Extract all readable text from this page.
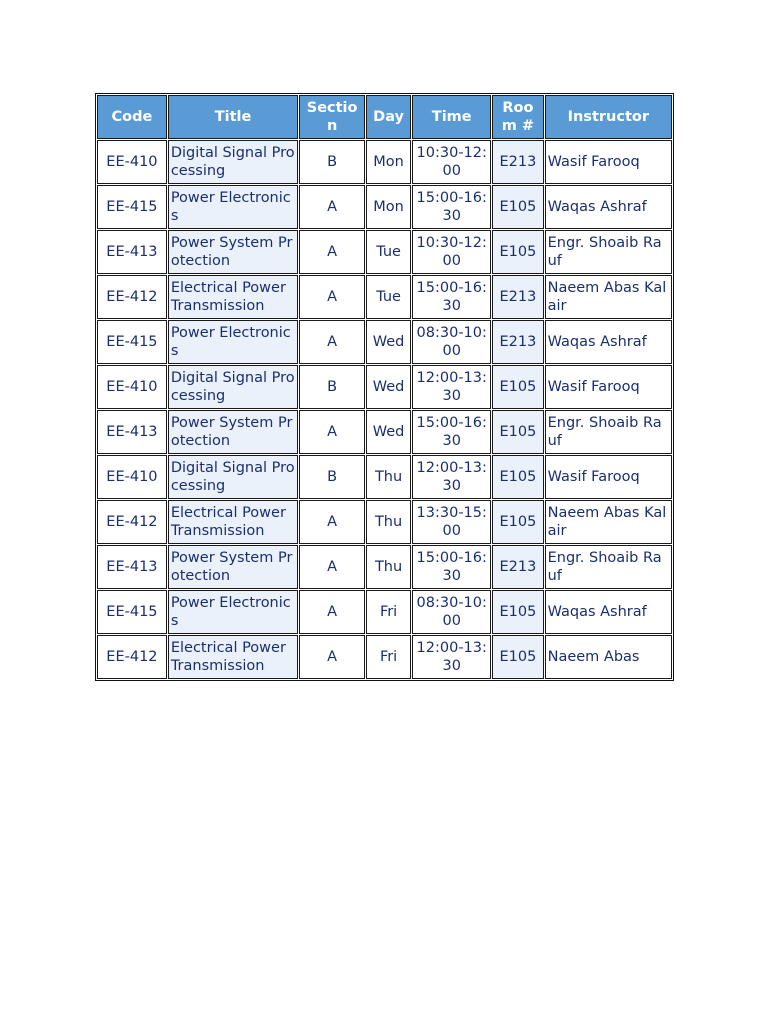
Code	Title	Section	Day	Time	Room #	Instructor
EE-410	Digital Signal Processing	B	Mon	10:30-12:00	E213	Wasif Farooq
EE-415	Power Electronics	A	Mon	15:00-16:30	E105	Waqas Ashraf
EE-413	Power System Protection	A	Tue	10:30-12:00	E105	Engr. Shoaib Rauf
EE-412	Electrical Power Transmission	A	Tue	15:00-16:30	E213	Naeem Abas Kalair
EE-415	Power Electronics	A	Wed	08:30-10:00	E213	Waqas Ashraf
EE-410	Digital Signal Processing	B	Wed	12:00-13:30	E105	Wasif Farooq
EE-413	Power System Protection	A	Wed	15:00-16:30	E105	Engr. Shoaib Rauf
EE-410	Digital Signal Processing	B	Thu	12:00-13:30	E105	Wasif Farooq
EE-412	Electrical Power Transmission	A	Thu	13:30-15:00	E105	Naeem Abas Kalair
EE-413	Power System Protection	A	Thu	15:00-16:30	E213	Engr. Shoaib Rauf
EE-415	Power Electronics	A	Fri	08:30-10:00	E105	Waqas Ashraf
EE-412	Electrical Power Transmission	A	Fri	12:00-13:30	E105	Naeem Abas
